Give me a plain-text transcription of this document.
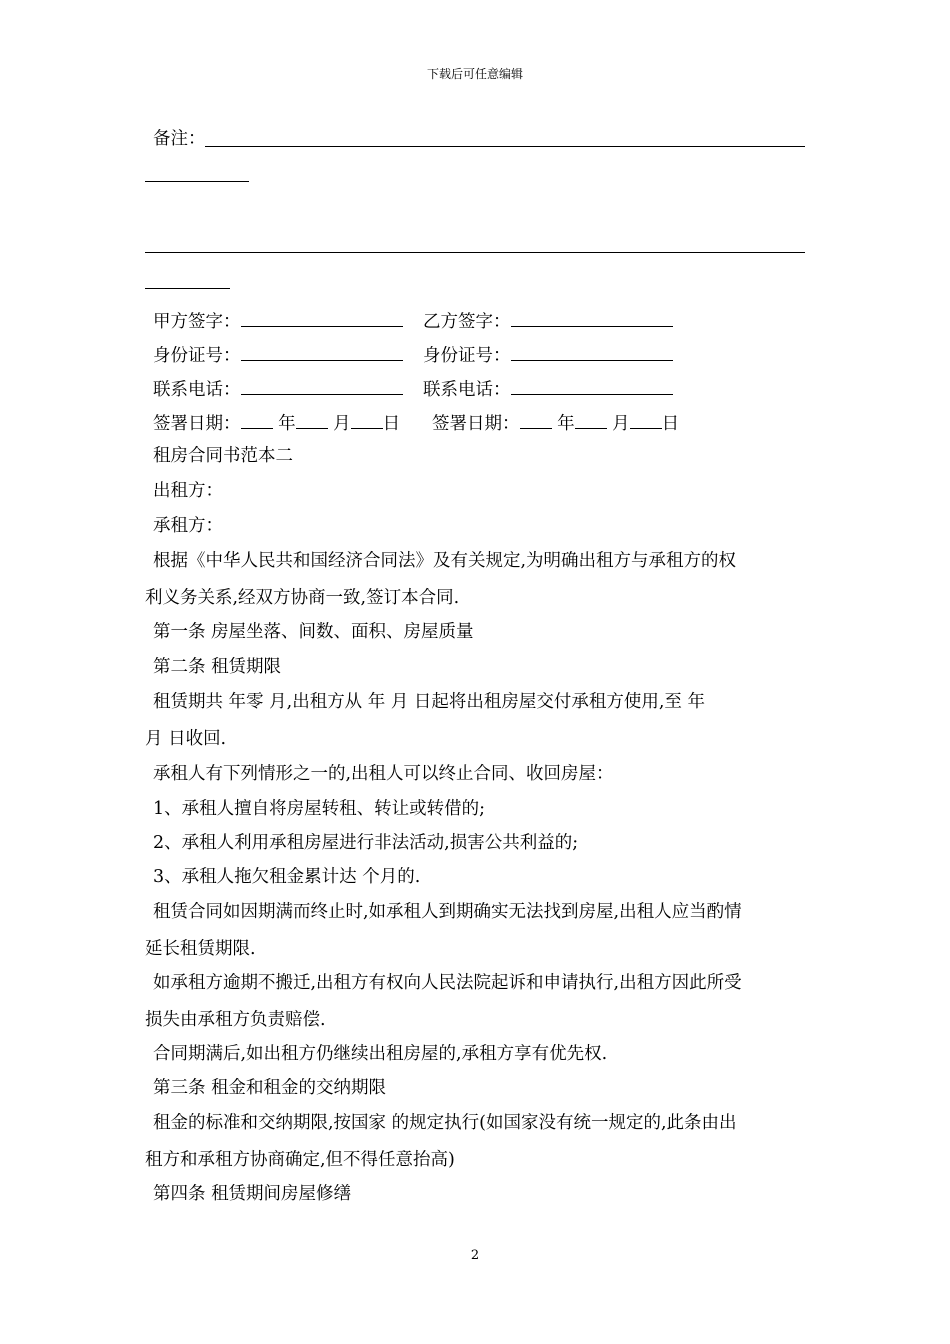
下载后可任意编辑
备注：
甲方签字：	乙方签字：
身份证号：	身份证号：
联系电话：	联系电话：
签署日期： 年 月 日 签署日期： 年 月 日
租房合同书范本二
出租方：
承租方：
根据《中华人民共和国经济合同法》及有关规定,为明确出租方与承租方的权
利义务关系,经双方协商一致,签订本合同.
第一条 房屋坐落、间数、面积、房屋质量
第二条 租赁期限
租赁期共 年零 月,出租方从 年 月 日起将出租房屋交付承租方使用,至 年
月 日收回.
承租人有下列情形之一的,出租人可以终止合同、收回房屋：
1、承租人擅自将房屋转租、转让或转借的;
2、承租人利用承租房屋进行非法活动,损害公共利益的;
3、承租人拖欠租金累计达 个月的.
租赁合同如因期满而终止时,如承租人到期确实无法找到房屋,出租人应当酌情
延长租赁期限.
如承租方逾期不搬迁,出租方有权向人民法院起诉和申请执行,出租方因此所受
损失由承租方负责赔偿.
合同期满后,如出租方仍继续出租房屋的,承租方享有优先权.
第三条 租金和租金的交纳期限
租金的标准和交纳期限,按国家 的规定执行(如国家没有统一规定的,此条由出
租方和承租方协商确定,但不得任意抬高)
第四条 租赁期间房屋修缮
2
